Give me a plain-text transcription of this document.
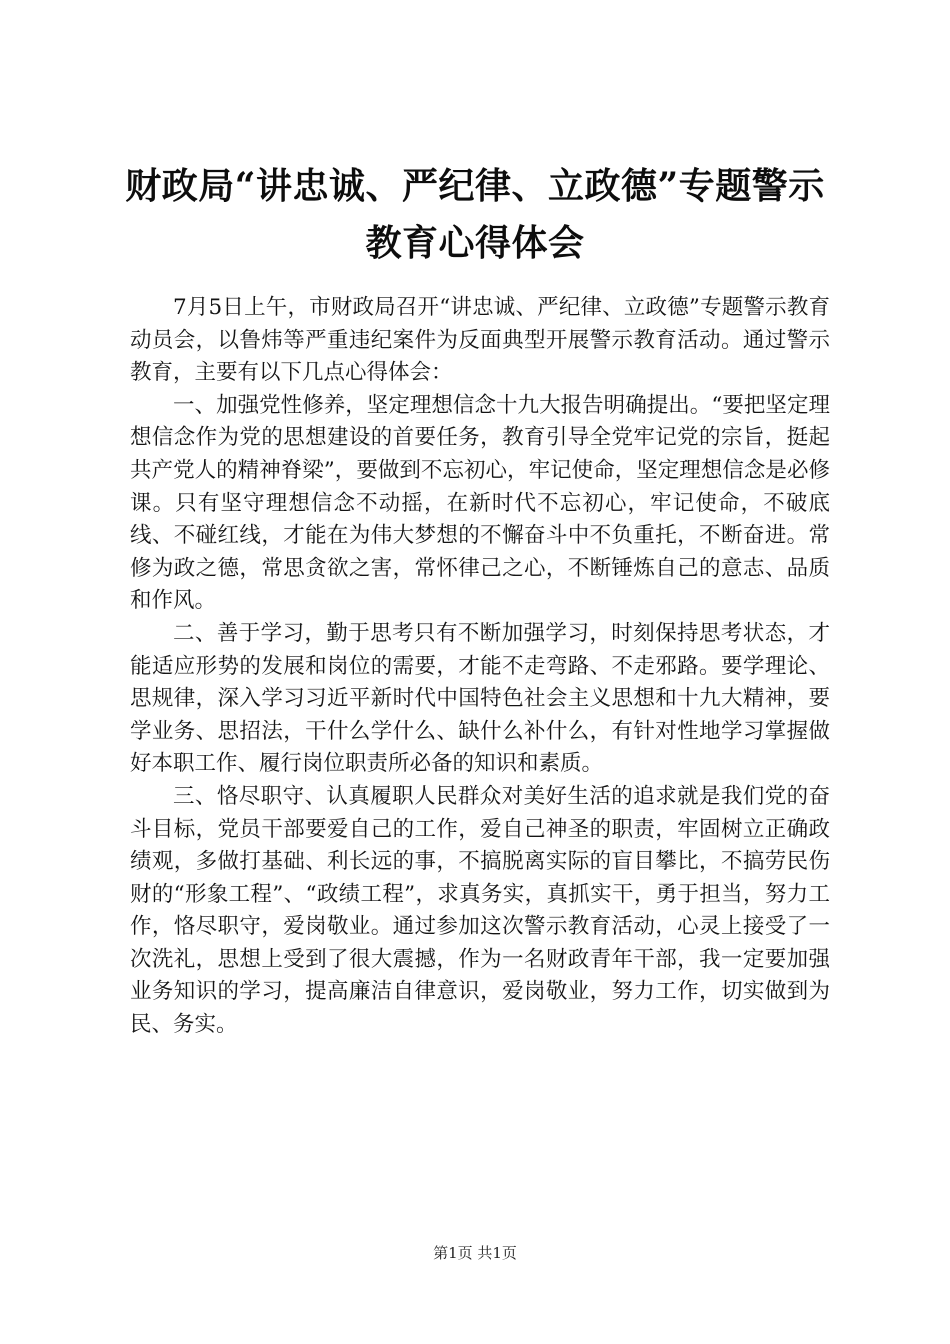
财政局“讲忠诚、严纪律、立政德”专题警示
教育心得体会

7月5日上午，市财政局召开“讲忠诚、严纪律、立政德”专题警示教育动员会，以鲁炜等严重违纪案件为反面典型开展警示教育活动。通过警示教育，主要有以下几点心得体会：

一、加强党性修养，坚定理想信念十九大报告明确提出。“要把坚定理想信念作为党的思想建设的首要任务，教育引导全党牢记党的宗旨，挺起共产党人的精神脊梁”，要做到不忘初心，牢记使命，坚定理想信念是必修课。只有坚守理想信念不动摇，在新时代不忘初心，牢记使命，不破底线、不碰红线，才能在为伟大梦想的不懈奋斗中不负重托，不断奋进。常修为政之德，常思贪欲之害，常怀律己之心，不断锤炼自己的意志、品质和作风。

二、善于学习，勤于思考只有不断加强学习，时刻保持思考状态，才能适应形势的发展和岗位的需要，才能不走弯路、不走邪路。要学理论、思规律，深入学习习近平新时代中国特色社会主义思想和十九大精神，要学业务、思招法，干什么学什么、缺什么补什么，有针对性地学习掌握做好本职工作、履行岗位职责所必备的知识和素质。

三、恪尽职守、认真履职人民群众对美好生活的追求就是我们党的奋斗目标，党员干部要爱自己的工作，爱自己神圣的职责，牢固树立正确政绩观，多做打基础、利长远的事，不搞脱离实际的盲目攀比，不搞劳民伤财的“形象工程”、“政绩工程”，求真务实，真抓实干，勇于担当，努力工作，恪尽职守，爱岗敬业。通过参加这次警示教育活动，心灵上接受了一次洗礼，思想上受到了很大震撼，作为一名财政青年干部，我一定要加强业务知识的学习，提高廉洁自律意识，爱岗敬业，努力工作，切实做到为民、务实。

第1页 共1页
